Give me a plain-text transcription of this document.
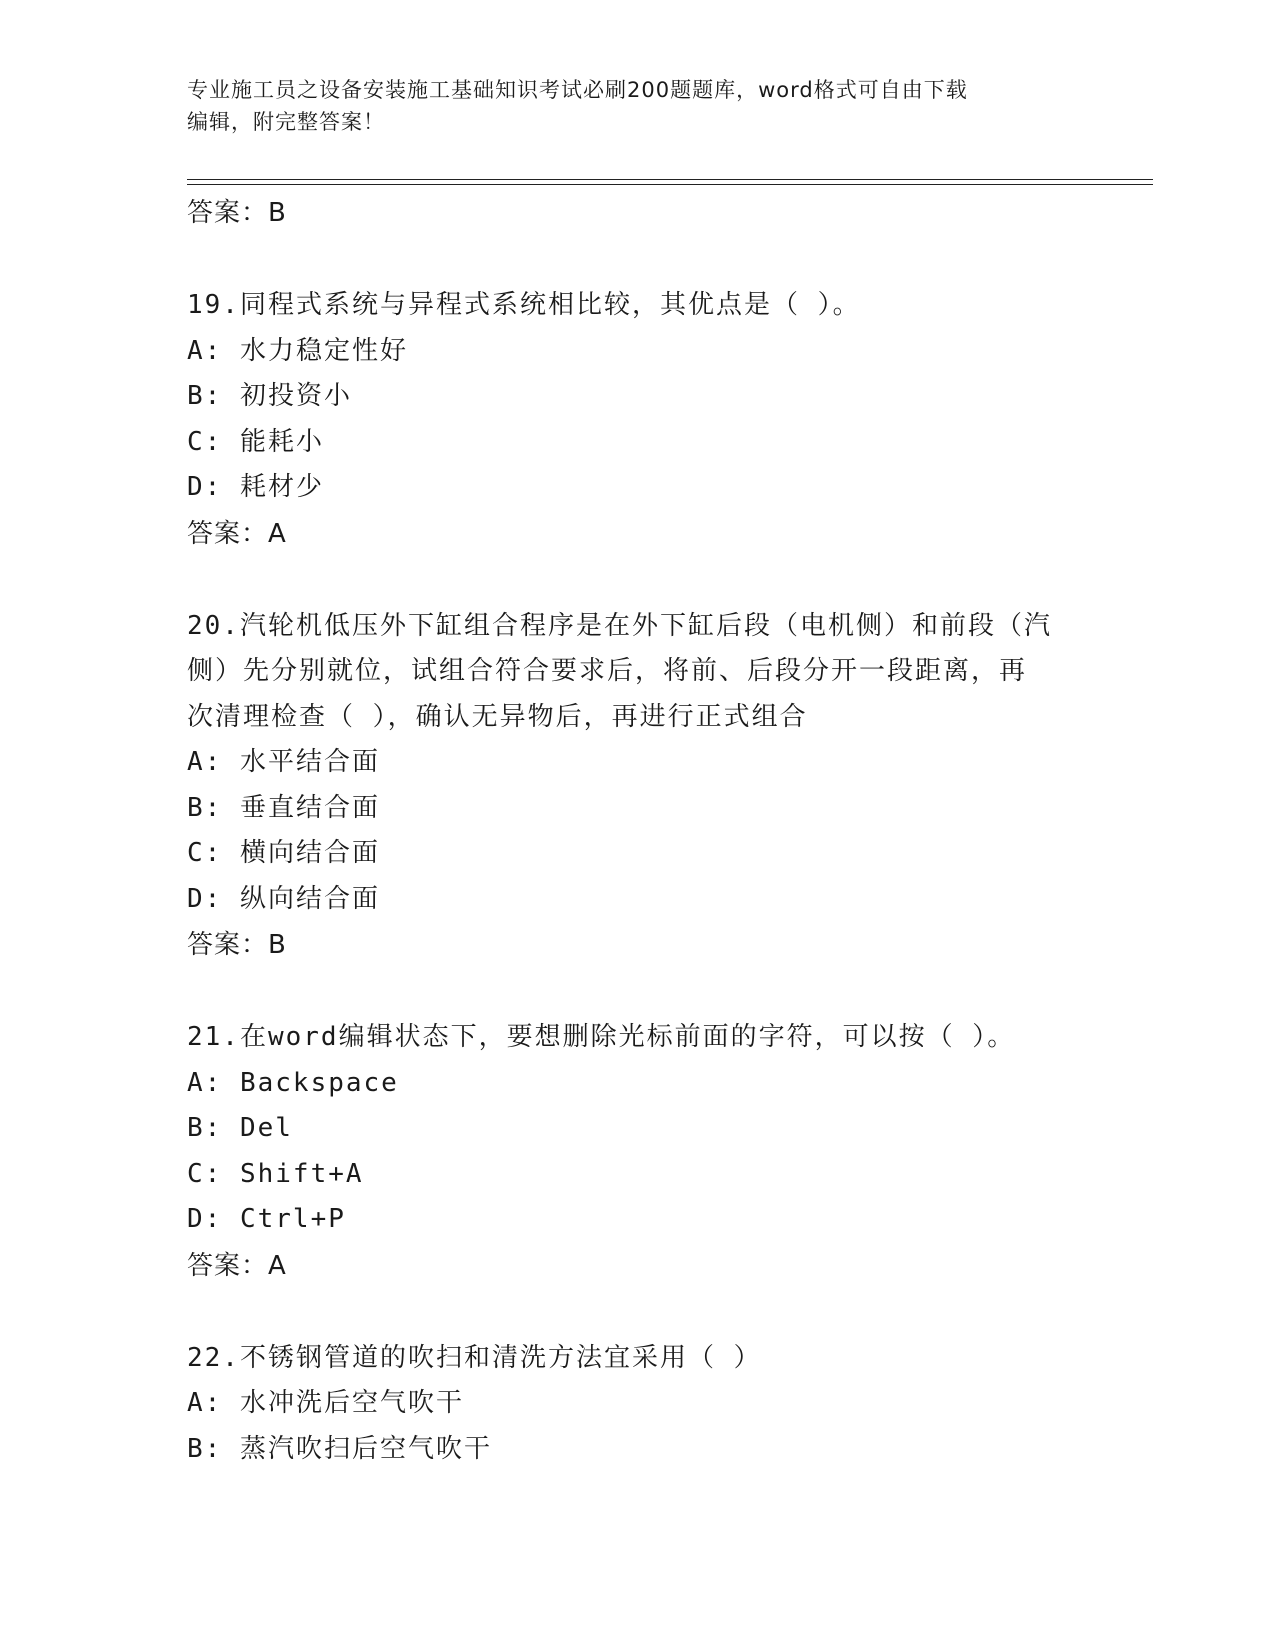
专业施工员之设备安装施工基础知识考试必刷200题题库，word格式可自由下载
编辑，附完整答案！
答案：B
19.同程式系统与异程式系统相比较，其优点是（ ）。
A: 水力稳定性好
B: 初投资小
C: 能耗小
D: 耗材少
答案：A
20.汽轮机低压外下缸组合程序是在外下缸后段（电机侧）和前段（汽
侧）先分别就位，试组合符合要求后，将前、后段分开一段距离，再
次清理检查（ ），确认无异物后，再进行正式组合
A: 水平结合面
B: 垂直结合面
C: 横向结合面
D: 纵向结合面
答案：B
21.在word编辑状态下，要想删除光标前面的字符，可以按（ ）。
A: Backspace
B: Del
C: Shift+A
D: Ctrl+P
答案：A
22.不锈钢管道的吹扫和清洗方法宜采用（ ）
A: 水冲洗后空气吹干
B: 蒸汽吹扫后空气吹干
